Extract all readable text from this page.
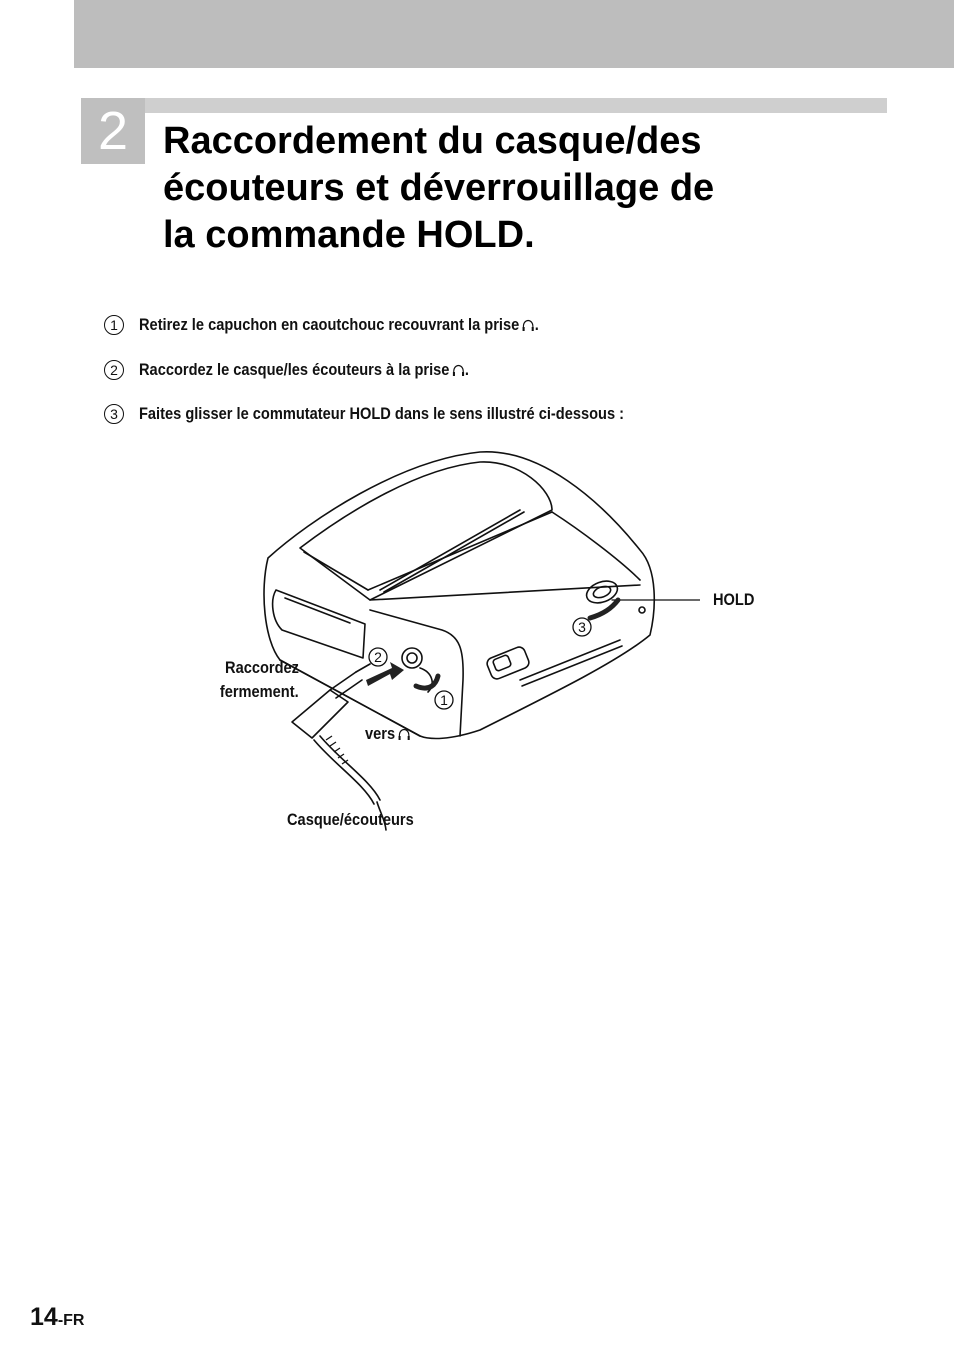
2 Raccordement du casque/des
écouteurs et déverrouillage de
la commande HOLD.
1	Retirez le capuchon en caoutchouc recouvrant la prise .
2	Raccordez le casque/les écouteurs à la prise .
3	Faites glisser le commutateur HOLD dans le sens illustré ci-dessous :
1
2
3
HOLD
Raccordez
fermement.
vers
Casque/écouteurs
14-FR
